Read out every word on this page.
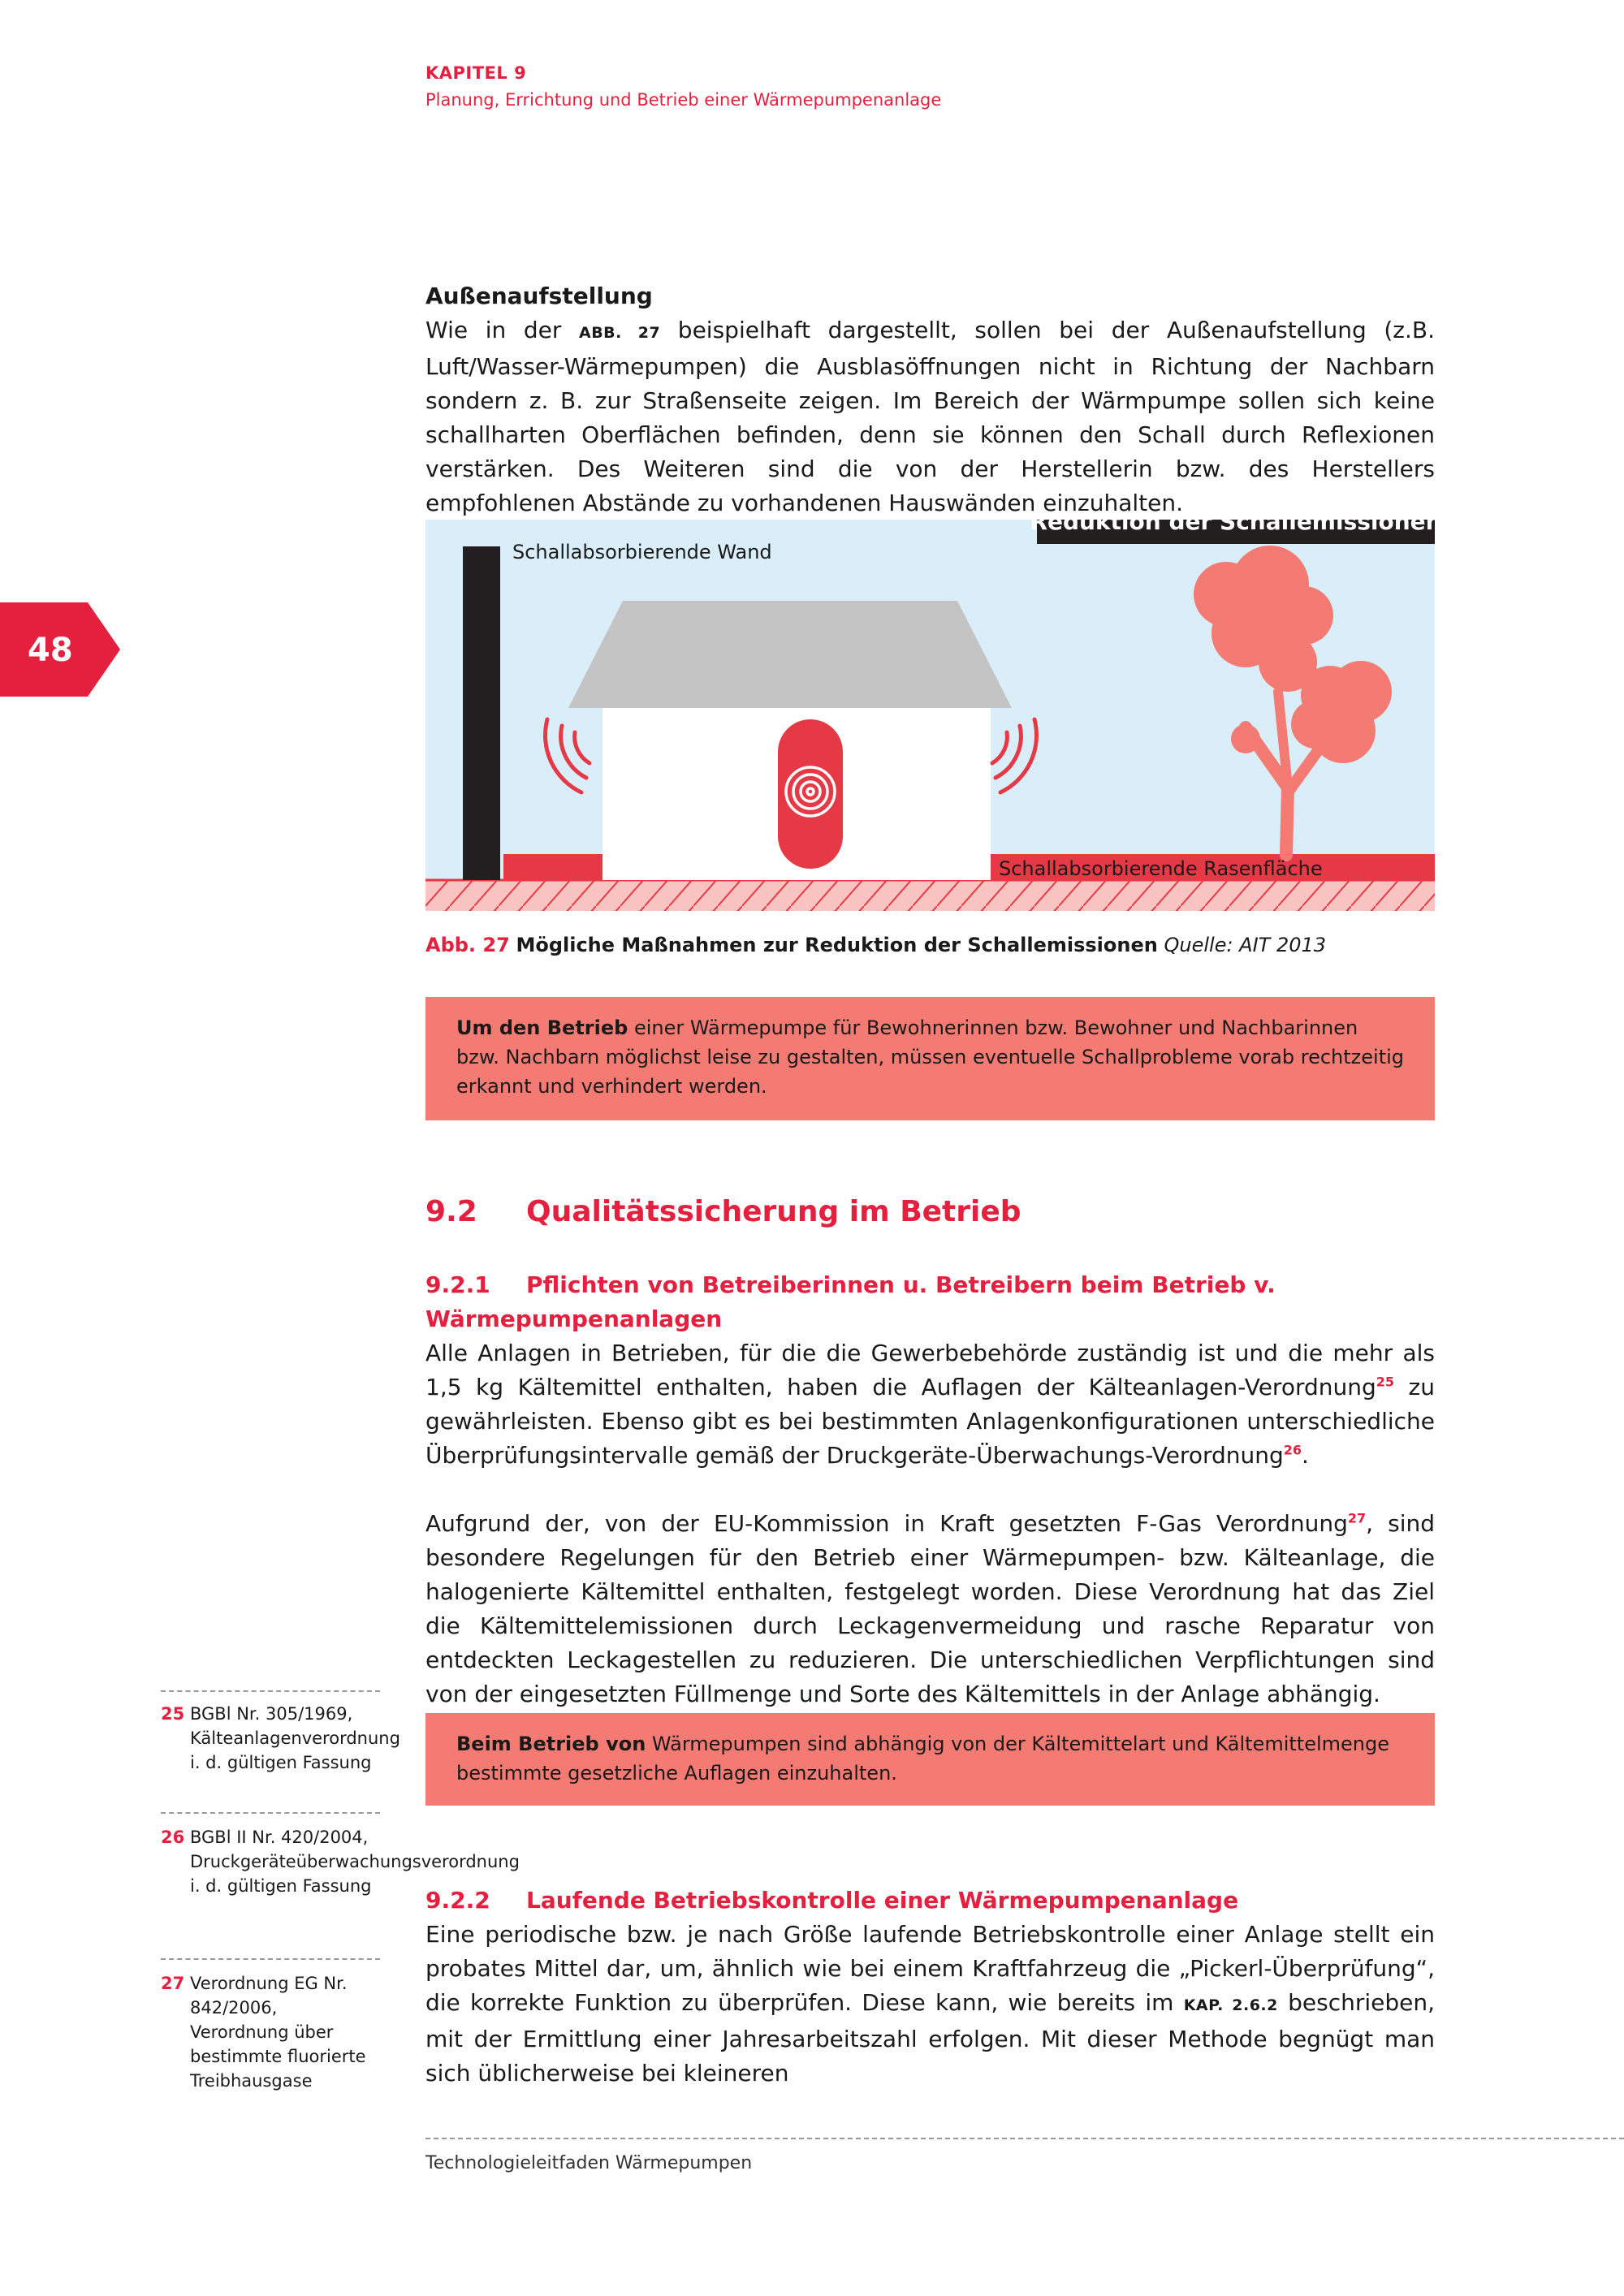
KAPITEL 9
Planung, Errichtung und Betrieb einer Wärmepumpenanlage
48
Außenaufstellung

Wie in der ABB. 27 beispielhaft dargestellt, sollen bei der Außenaufstellung (z.B. Luft/Wasser-Wärmepumpen) die Ausblasöffnungen nicht in Richtung der Nachbarn sondern z. B. zur Straßenseite zeigen. Im Bereich der Wärmpumpe sollen sich keine schallharten Oberflächen befinden, denn sie können den Schall durch Reflexionen verstärken. Des Weiteren sind die von der Herstellerin bzw. des Herstellers empfohlenen Abstände zu vorhandenen Hauswänden einzuhalten.

Reduktion der Schallemissionen
Schallabsorbierende Wand
Schallabsorbierende Rasenfläche
Abb. 27 Mögliche Maßnahmen zur Reduktion der Schallemissionen Quelle: AIT 2013
Um den Betrieb einer Wärmepumpe für Bewohnerinnen bzw. Bewohner und Nachbarinnen bzw. Nachbarn möglichst leise zu gestalten, müssen eventuelle Schallprobleme vorab rechtzeitig erkannt und verhindert werden.
9.2 Qualitätssicherung im Betrieb
9.2.1 Pflichten von Betreiberinnen u. Betreibern beim Betrieb v. Wärmepumpenanlagen

Alle Anlagen in Betrieben, für die die Gewerbebehörde zuständig ist und die mehr als 1,5 kg Kältemittel enthalten, haben die Auflagen der Kälteanlagen-Verordnung$^{25}$ zu gewährleisten. Ebenso gibt es bei bestimmten Anlagenkonfigurationen unterschiedliche Überprüfungsintervalle gemäß der Druckgeräte-Überwachungs-Verordnung$^{26}$.

Aufgrund der, von der EU-Kommission in Kraft gesetzten F-Gas Verordnung$^{27}$, sind besondere Regelungen für den Betrieb einer Wärmepumpen- bzw. Kälteanlage, die halogenierte Kältemittel enthalten, festgelegt worden. Diese Verordnung hat das Ziel die Kältemittelemissionen durch Leckagenvermeidung und rasche Reparatur von entdeckten Leckagestellen zu reduzieren. Die unterschiedlichen Verpflichtungen sind von der eingesetzten Füllmenge und Sorte des Kältemittels in der Anlage abhängig.

Beim Betrieb von Wärmepumpen sind abhängig von der Kältemittelart und Kältemittelmenge bestimmte gesetzliche Auflagen einzuhalten.
9.2.2 Laufende Betriebskontrolle einer Wärmepumpenanlage

Eine periodische bzw. je nach Größe laufende Betriebskontrolle einer Anlage stellt ein probates Mittel dar, um, ähnlich wie bei einem Kraftfahrzeug die „Pickerl-Überprüfung“, die korrekte Funktion zu überprüfen. Diese kann, wie bereits im KAP. 2.6.2 beschrieben, mit der Ermittlung einer Jahresarbeitszahl erfolgen. Mit dieser Methode begnügt man sich üblicherweise bei kleineren

25 BGBl Nr. 305/1969, Kälteanlagenverordnung i. d. gültigen Fassung
26 BGBl II Nr. 420/2004, Druckgeräteüberwachungsverordnung i. d. gültigen Fassung
27 Verordnung EG Nr. 842/2006, Verordnung über bestimmte fluorierte Treibhausgase
Technologieleitfaden Wärmepumpen
